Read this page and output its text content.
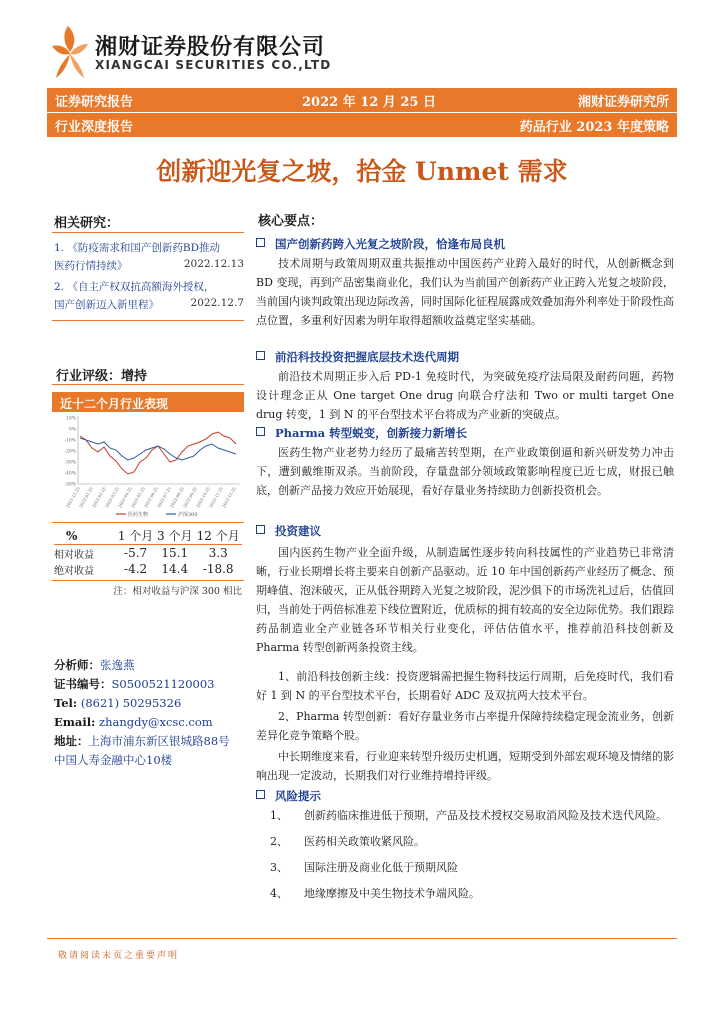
湘财证券股份有限公司
XIANGCAI SECURITIES CO.,LTD
证券研究报告	2022 年 12 月 25 日	湘财证券研究所
行业深度报告	药品行业 2023 年度策略
创新迎光复之坡，拾金 Unmet 需求
相关研究：
1. 《防疫需求和国产创新药BD推动
医药行情持续》	2022.12.13
2. 《自主产权双抗高额海外授权，
国产创新迈入新里程》	2022.12.7
行业评级：增持
近十二个月行业表现
10%
0%
-10%
-20%
-30%
-40%
-50%
2021-12-25
2022-01-25
2022-02-25
2022-03-25
2022-04-25
2022-05-25
2022-06-25
2022-07-25
2022-08-25
2022-09-25
2022-10-25
2022-11-25
2022-12-25
医药生物	沪深300
%	1 个月	3 个月	12 个月

相对收益	-5.7	15.1	3.3
绝对收益	-4.2	14.4	-18.8
注：相对收益与沪深 300 相比
分析师：张逸燕
证书编号：S0500521120003
Tel: (8621) 50295326
Email: zhangdy@xcsc.com
地址：上海市浦东新区银城路88号
中国人寿金融中心10楼
核心要点：
国产创新药跨入光复之坡阶段，恰逢布局良机
技术周期与政策周期双重共振推动中国医药产业跨入最好的时代，从创新概念到 BD 变现，再到产品密集商业化，我们认为当前国产创新药产业正跨入光复之坡阶段，当前国内谈判政策出现边际改善，同时国际化征程展露成效叠加海外利率处于阶段性高点位置，多重利好因素为明年取得超额收益奠定坚实基础。
前沿科技投资把握底层技术迭代周期
前沿技术周期正步入后 PD-1 免疫时代，为突破免疫疗法局限及耐药问题，药物设计理念正从 One target One drug 向联合疗法和 Two or multi target One drug 转变，1 到 N 的平台型技术平台将成为产业新的突破点。
Pharma 转型蜕变，创新接力新增长
医药生物产业老势力经历了最痛苦转型期，在产业政策倒逼和新兴研发势力冲击下，遭到戴维斯双杀。当前阶段，存量盘部分领域政策影响程度已近七成，财报已触底，创新产品接力效应开始展现，看好存量业务持续助力创新投资机会。
投资建议
国内医药生物产业全面升级，从制造属性逐步转向科技属性的产业趋势已非常清晰，行业长期增长将主要来自创新产品驱动。近 10 年中国创新药产业经历了概念、预期峰值、泡沫破灭，正从低谷期跨入光复之坡阶段，泥沙俱下的市场洗礼过后，估值回归，当前处于两倍标准差下线位置附近，优质标的拥有较高的安全边际优势。我们跟踪药品制造业全产业链各环节相关行业变化，评估估值水平，推荐前沿科技创新及 Pharma 转型创新两条投资主线。
1、前沿科技创新主线：投资逻辑需把握生物科技运行周期，后免疫时代，我们看好 1 到 N 的平台型技术平台，长期看好 ADC 及双抗两大技术平台。
2、Pharma 转型创新：看好存量业务市占率提升保障持续稳定现金流业务，创新差异化竞争策略个股。
中长期维度来看，行业迎来转型升级历史机遇，短期受到外部宏观环境及情绪的影响出现一定波动，长期我们对行业维持增持评级。
风险提示
1、	创新药临床推进低于预期，产品及技术授权交易取消风险及技术迭代风险。
2、	医药相关政策收紧风险。
3、	国际注册及商业化低于预期风险
4、	地缘摩擦及中美生物技术争端风险。
敬请阅读末页之重要声明
